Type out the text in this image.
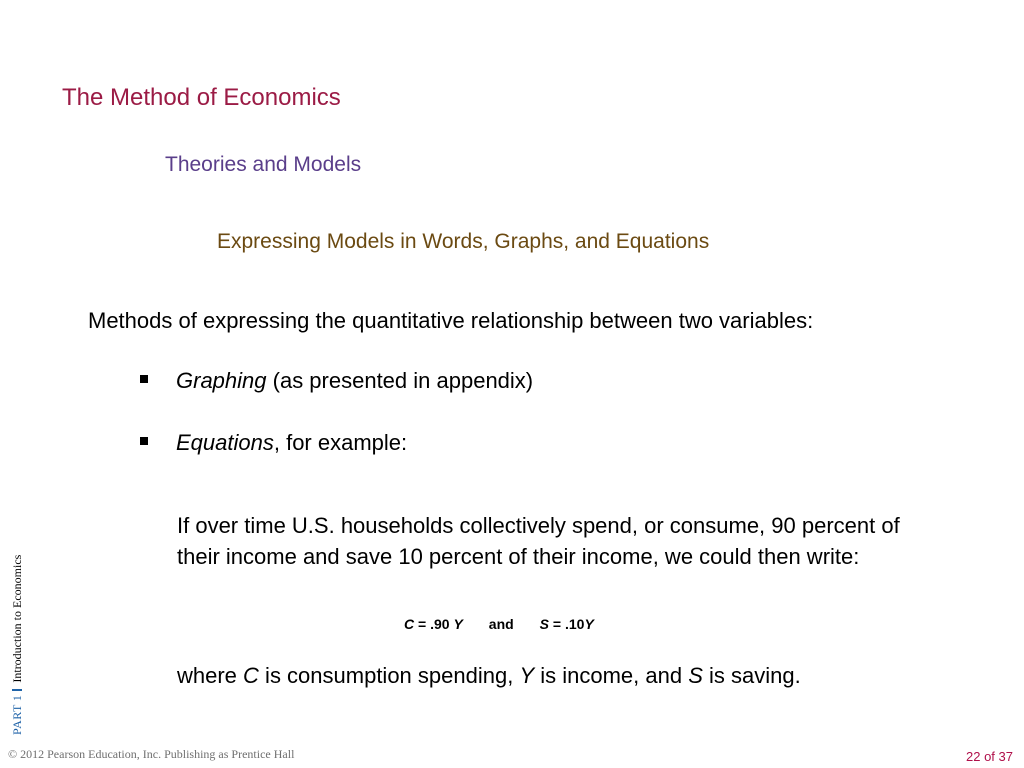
The Method of Economics
Theories and Models
Expressing Models in Words, Graphs, and Equations
Methods of expressing the quantitative relationship between two variables:
Graphing (as presented in appendix)
Equations, for example:
If over time U.S. households collectively spend, or consume, 90 percent of their income and save 10 percent of their income, we could then write:
C = .90 Y and S = .10Y
where C is consumption spending, Y is income, and S is saving.
PART 1Introduction to Economics
© 2012 Pearson Education, Inc. Publishing as Prentice Hall	22 of 37
